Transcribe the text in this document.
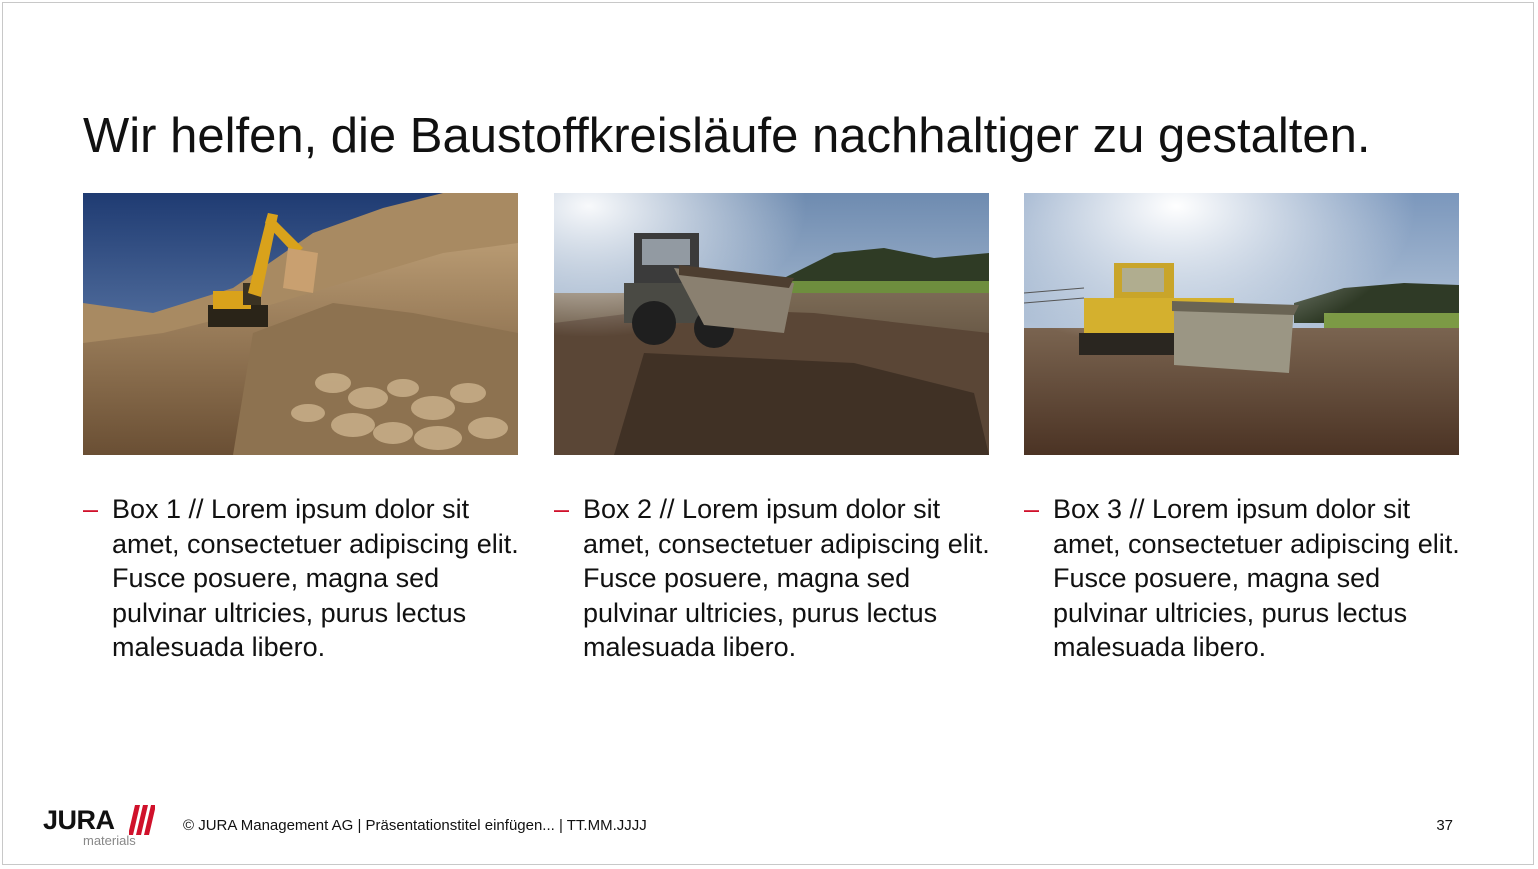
Wir helfen, die Baustoffkreisläufe nachhaltiger zu gestalten.
– Box 1 // Lorem ipsum dolor sit amet, consectetuer adipiscing elit. Fusce posuere, magna sed pulvinar ultricies, purus lectus malesuada libero.
– Box 2 // Lorem ipsum dolor sit amet, consectetuer adipiscing elit. Fusce posuere, magna sed pulvinar ultricies, purus lectus malesuada libero.
– Box 3 // Lorem ipsum dolor sit amet, consectetuer adipiscing elit. Fusce posuere, magna sed pulvinar ultricies, purus lectus malesuada libero.
JURA
materials
© JURA Management AG | Präsentationstitel einfügen... | TT.MM.JJJJ	37
